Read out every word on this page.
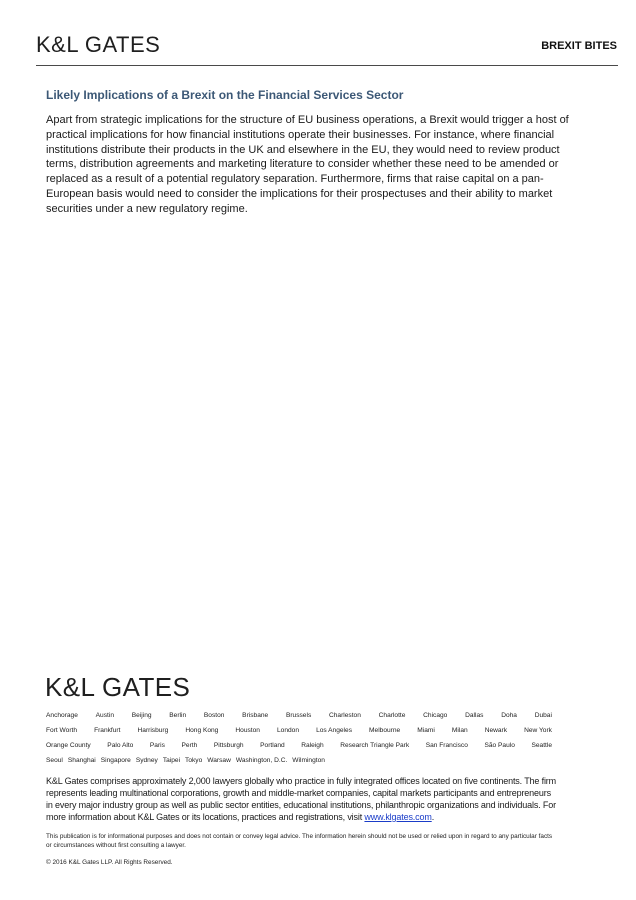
K&L GATES	BREXIT BITES
Likely Implications of a Brexit on the Financial Services Sector

Apart from strategic implications for the structure of EU business operations, a Brexit would trigger a host of practical implications for how financial institutions operate their businesses. For instance, where financial institutions distribute their products in the UK and elsewhere in the EU, they would need to review product terms, distribution agreements and marketing literature to consider whether these need to be amended or replaced as a result of a potential regulatory separation. Furthermore, firms that raise capital on a pan-European basis would need to consider the implications for their prospectuses and their ability to market securities under a new regulatory regime.

K&L GATES
Anchorage	Austin	Beijing	Berlin	Boston	Brisbane	Brussels	Charleston	Charlotte	Chicago	Dallas	Doha	Dubai
Fort Worth	Frankfurt	Harrisburg	Hong Kong	Houston	London	Los Angeles	Melbourne	Miami	Milan	Newark	New York
Orange County	Palo Alto	Paris	Perth	Pittsburgh	Portland	Raleigh	Research Triangle Park	San Francisco	São Paulo	Seattle
Seoul Shanghai Singapore Sydney Taipei Tokyo Warsaw Washington, D.C. Wilmington

K&L Gates comprises approximately 2,000 lawyers globally who practice in fully integrated offices located on five continents. The firm represents leading multinational corporations, growth and middle-market companies, capital markets participants and entrepreneurs in every major industry group as well as public sector entities, educational institutions, philanthropic organizations and individuals. For more information about K&L Gates or its locations, practices and registrations, visit www.klgates.com.

This publication is for informational purposes and does not contain or convey legal advice. The information herein should not be used or relied upon in regard to any particular facts or circumstances without first consulting a lawyer.

© 2016 K&L Gates LLP. All Rights Reserved.
